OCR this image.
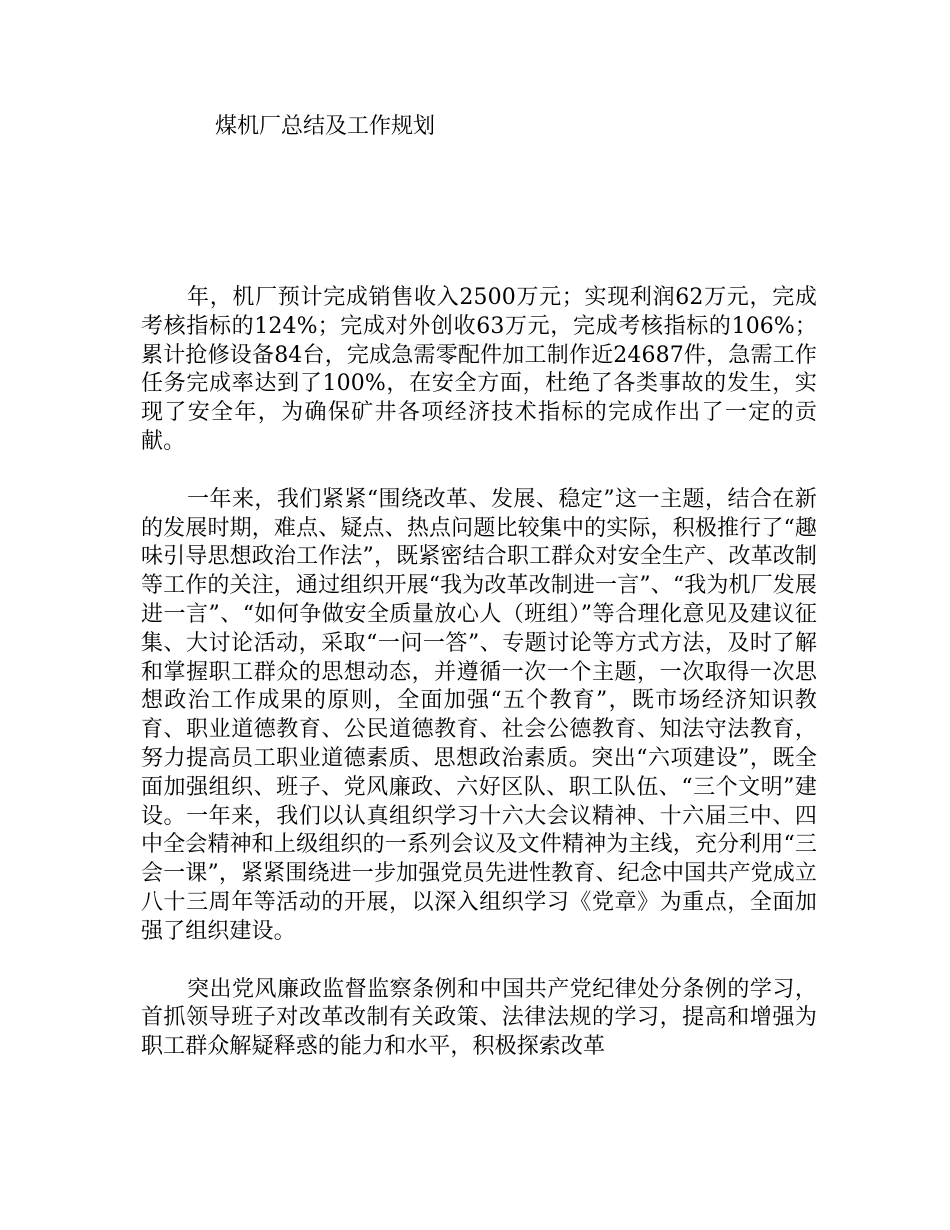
煤机厂总结及工作规划

年，机厂预计完成销售收入2500万元；实现利润62万元，完成考核指标的124%；完成对外创收63万元，完成考核指标的106%；累计抢修设备84台，完成急需零配件加工制作近24687件，急需工作任务完成率达到了100%，在安全方面，杜绝了各类事故的发生，实现了安全年，为确保矿井各项经济技术指标的完成作出了一定的贡献。

一年来，我们紧紧“围绕改革、发展、稳定”这一主题，结合在新的发展时期，难点、疑点、热点问题比较集中的实际，积极推行了“趣味引导思想政治工作法”，既紧密结合职工群众对安全生产、改革改制等工作的关注，通过组织开展“我为改革改制进一言”、“我为机厂发展进一言”、“如何争做安全质量放心人（班组）”等合理化意见及建议征集、大讨论活动，采取“一问一答”、专题讨论等方式方法，及时了解和掌握职工群众的思想动态，并遵循一次一个主题，一次取得一次思想政治工作成果的原则，全面加强“五个教育”，既市场经济知识教育、职业道德教育、公民道德教育、社会公德教育、知法守法教育，努力提高员工职业道德素质、思想政治素质。突出“六项建设”，既全面加强组织、班子、党风廉政、六好区队、职工队伍、“三个文明”建设。一年来，我们以认真组织学习十六大会议精神、十六届三中、四中全会精神和上级组织的一系列会议及文件精神为主线，充分利用“三会一课”，紧紧围绕进一步加强党员先进性教育、纪念中国共产党成立八十三周年等活动的开展，以深入组织学习《党章》为重点，全面加强了组织建设。

突出党风廉政监督监察条例和中国共产党纪律处分条例的学习，首抓领导班子对改革改制有关政策、法律法规的学习，提高和增强为职工群众解疑释惑的能力和水平，积极探索改革
